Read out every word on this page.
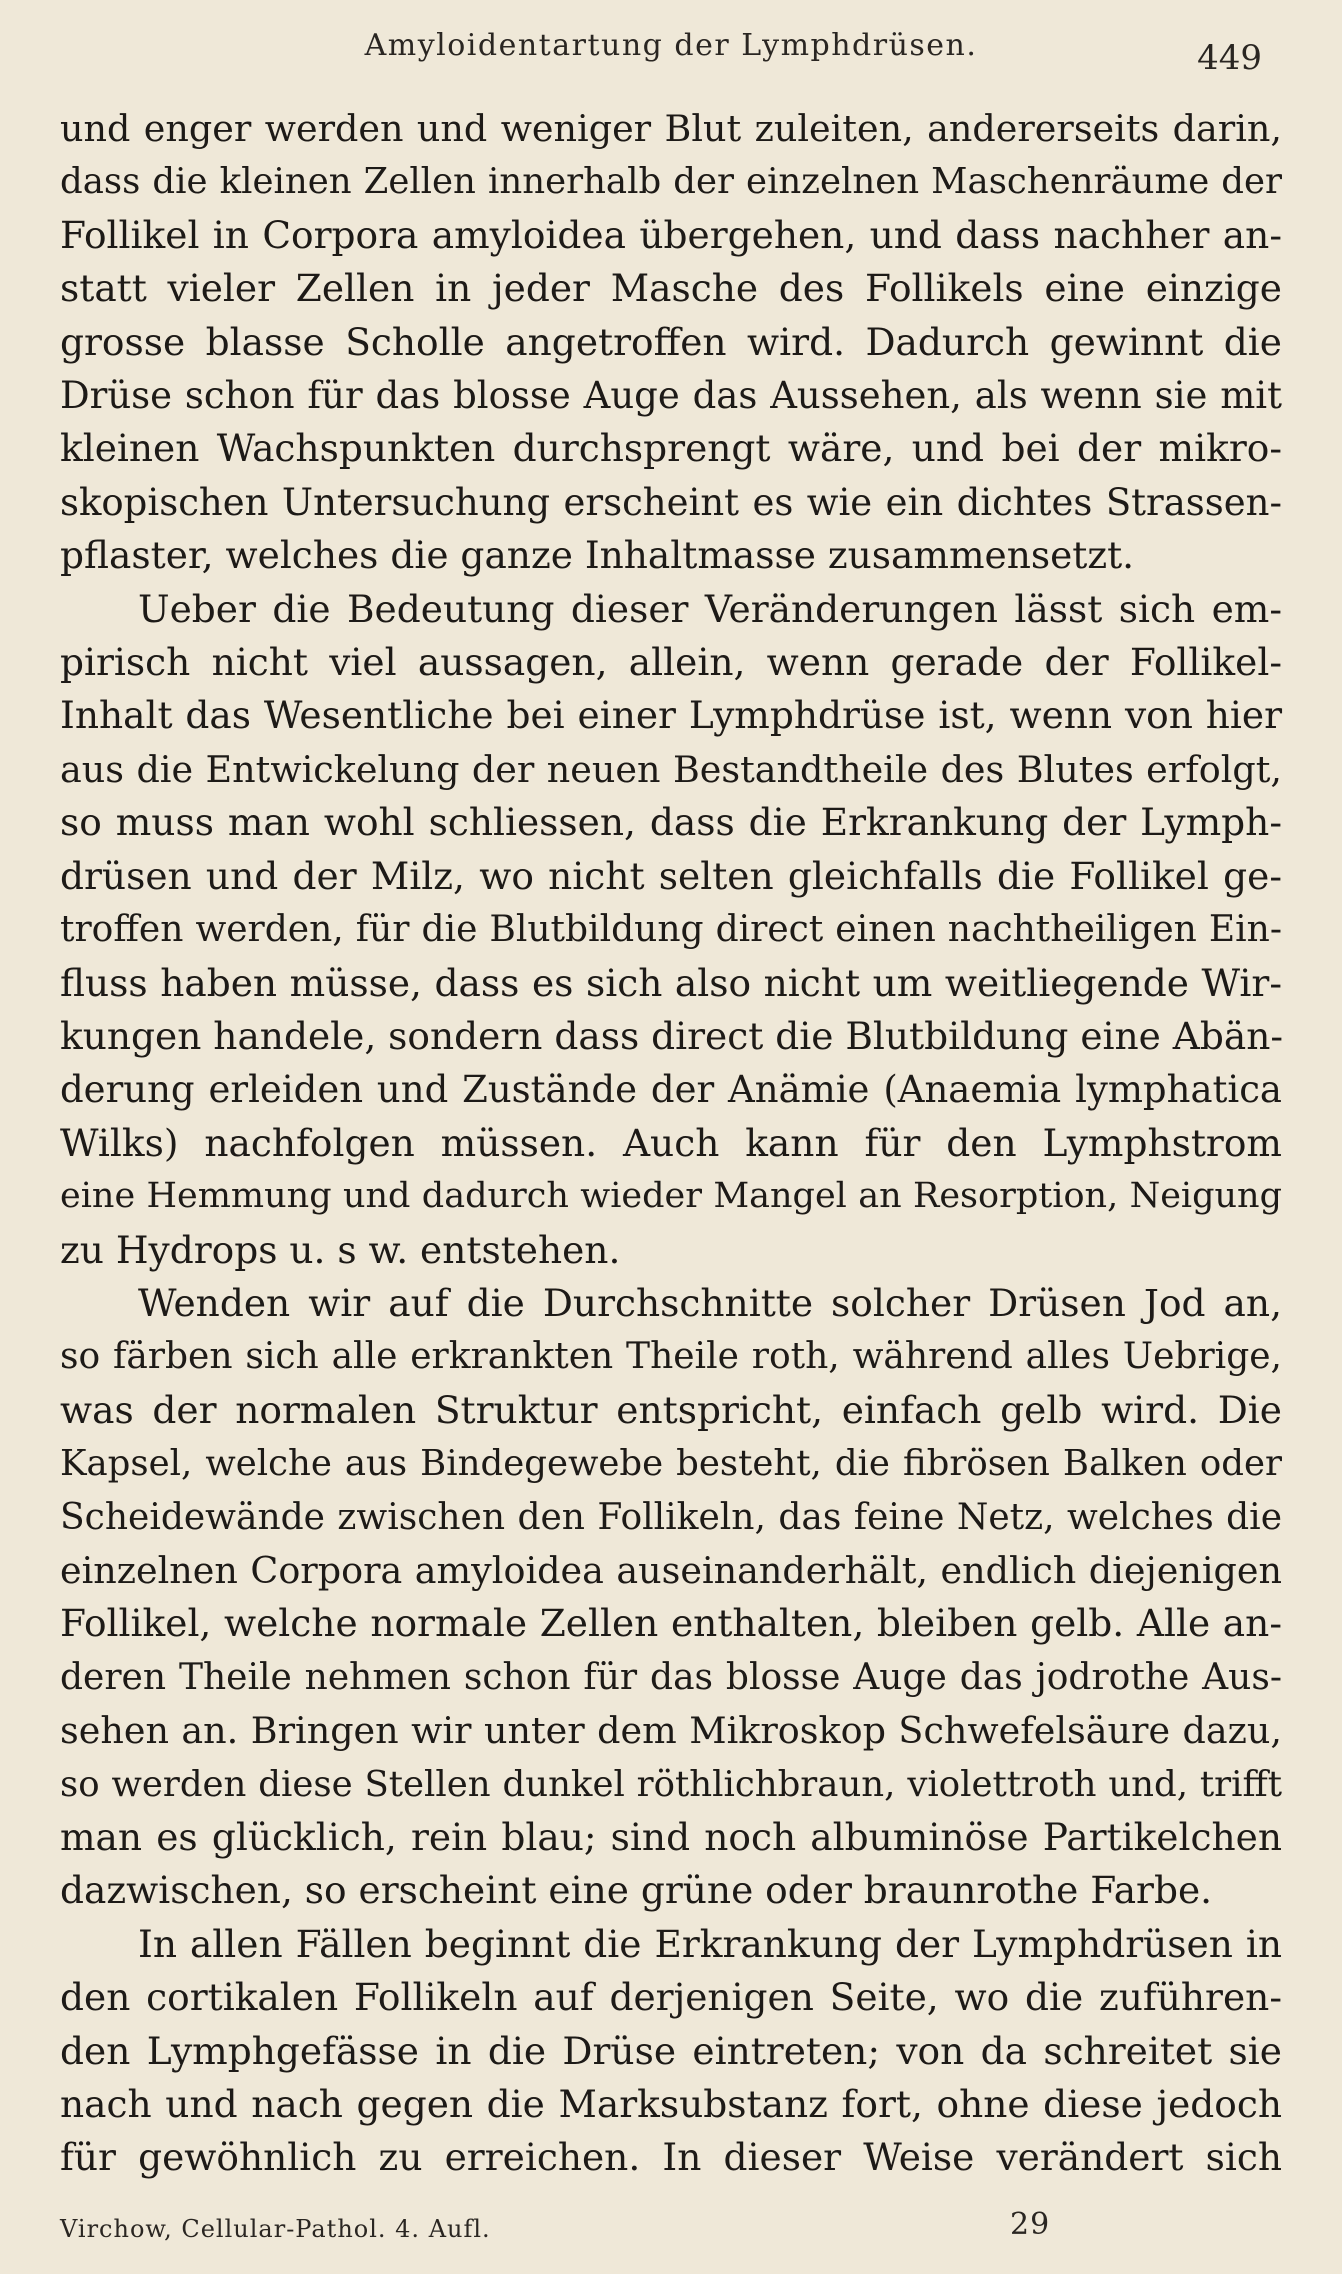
Amyloidentartung der Lymphdrüsen.	449
und enger werden und weniger Blut zuleiten, andererseits darin,
dass die kleinen Zellen innerhalb der einzelnen Maschenräume der
Follikel in Corpora amyloidea übergehen, und dass nachher an-
statt vieler Zellen in jeder Masche des Follikels eine einzige
grosse blasse Scholle angetroffen wird. Dadurch gewinnt die
Drüse schon für das blosse Auge das Aussehen, als wenn sie mit
kleinen Wachspunkten durchsprengt wäre, und bei der mikro-
skopischen Untersuchung erscheint es wie ein dichtes Strassen-
pflaster, welches die ganze Inhaltmasse zusammensetzt.
Ueber die Bedeutung dieser Veränderungen lässt sich em-
pirisch nicht viel aussagen, allein, wenn gerade der Follikel-
Inhalt das Wesentliche bei einer Lymphdrüse ist, wenn von hier
aus die Entwickelung der neuen Bestandtheile des Blutes erfolgt,
so muss man wohl schliessen, dass die Erkrankung der Lymph-
drüsen und der Milz, wo nicht selten gleichfalls die Follikel ge-
troffen werden, für die Blutbildung direct einen nachtheiligen Ein-
fluss haben müsse, dass es sich also nicht um weitliegende Wir-
kungen handele, sondern dass direct die Blutbildung eine Abän-
derung erleiden und Zustände der Anämie (Anaemia lymphatica
Wilks) nachfolgen müssen. Auch kann für den Lymphstrom
eine Hemmung und dadurch wieder Mangel an Resorption, Neigung
zu Hydrops u. s w. entstehen.
Wenden wir auf die Durchschnitte solcher Drüsen Jod an,
so färben sich alle erkrankten Theile roth, während alles Uebrige,
was der normalen Struktur entspricht, einfach gelb wird. Die
Kapsel, welche aus Bindegewebe besteht, die fibrösen Balken oder
Scheidewände zwischen den Follikeln, das feine Netz, welches die
einzelnen Corpora amyloidea auseinanderhält, endlich diejenigen
Follikel, welche normale Zellen enthalten, bleiben gelb. Alle an-
deren Theile nehmen schon für das blosse Auge das jodrothe Aus-
sehen an. Bringen wir unter dem Mikroskop Schwefelsäure dazu,
so werden diese Stellen dunkel röthlichbraun, violettroth und, trifft
man es glücklich, rein blau; sind noch albuminöse Partikelchen
dazwischen, so erscheint eine grüne oder braunrothe Farbe.
In allen Fällen beginnt die Erkrankung der Lymphdrüsen in
den cortikalen Follikeln auf derjenigen Seite, wo die zuführen-
den Lymphgefässe in die Drüse eintreten; von da schreitet sie
nach und nach gegen die Marksubstanz fort, ohne diese jedoch
für gewöhnlich zu erreichen. In dieser Weise verändert sich
Virchow, Cellular-Pathol. 4. Aufl.	29
